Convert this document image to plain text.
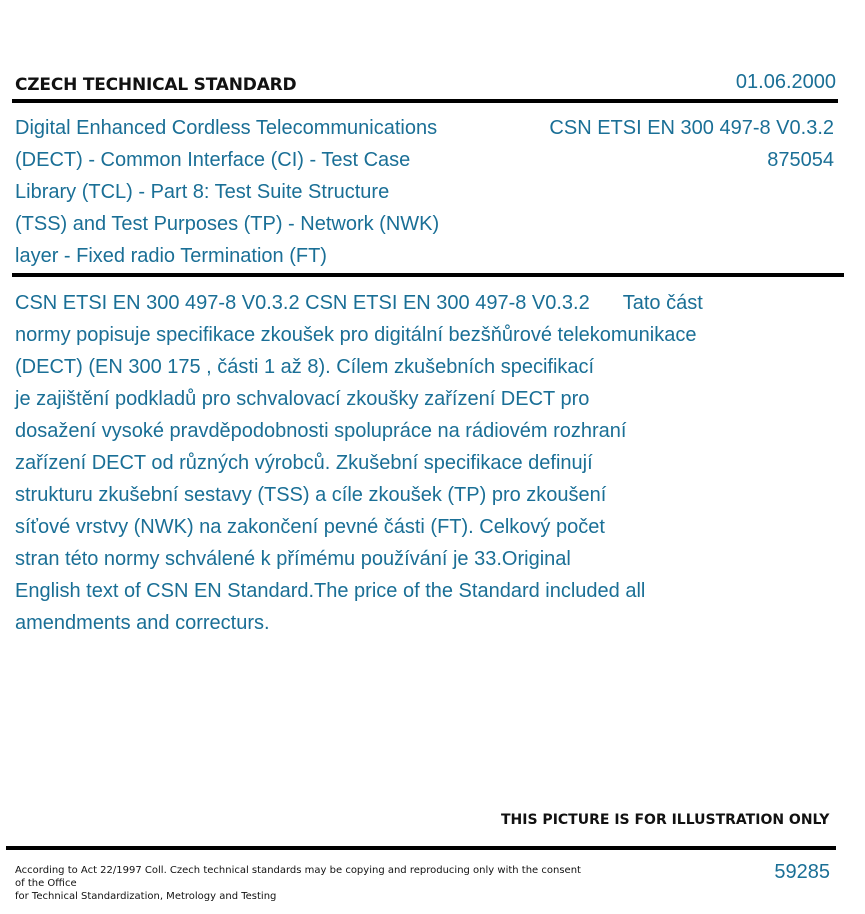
CZECH TECHNICAL STANDARD	01.06.2000
Digital Enhanced Cordless Telecommunications
(DECT) - Common Interface (CI) - Test Case
Library (TCL) - Part 8: Test Suite Structure
(TSS) and Test Purposes (TP) - Network (NWK)
layer - Fixed radio Termination (FT)
CSN ETSI EN 300 497-8 V0.3.2
875054
CSN ETSI EN 300 497-8 V0.3.2 CSN ETSI EN 300 497-8 V0.3.2      Tato část
normy popisuje specifikace zkoušek pro digitální bezšňůrové telekomunikace
(DECT) (EN 300 175 , části 1 až 8). Cílem zkušebních specifikací
je zajištění podkladů pro schvalovací zkoušky zařízení DECT pro
dosažení vysoké pravděpodobnosti spolupráce na rádiovém rozhraní
zařízení DECT od různých výrobců. Zkušební specifikace definují
strukturu zkušební sestavy (TSS) a cíle zkoušek (TP) pro zkoušení
síťové vrstvy (NWK) na zakončení pevné části (FT). Celkový počet
stran této normy schválené k přímému používání je 33.Original
English text of CSN EN Standard.The price of the Standard included all
amendments and correcturs.
THIS PICTURE IS FOR ILLUSTRATION ONLY
According to Act 22/1997 Coll. Czech technical standards may be copying and reproducing only with the consent of the Office
for Technical Standardization, Metrology and Testing
59285
